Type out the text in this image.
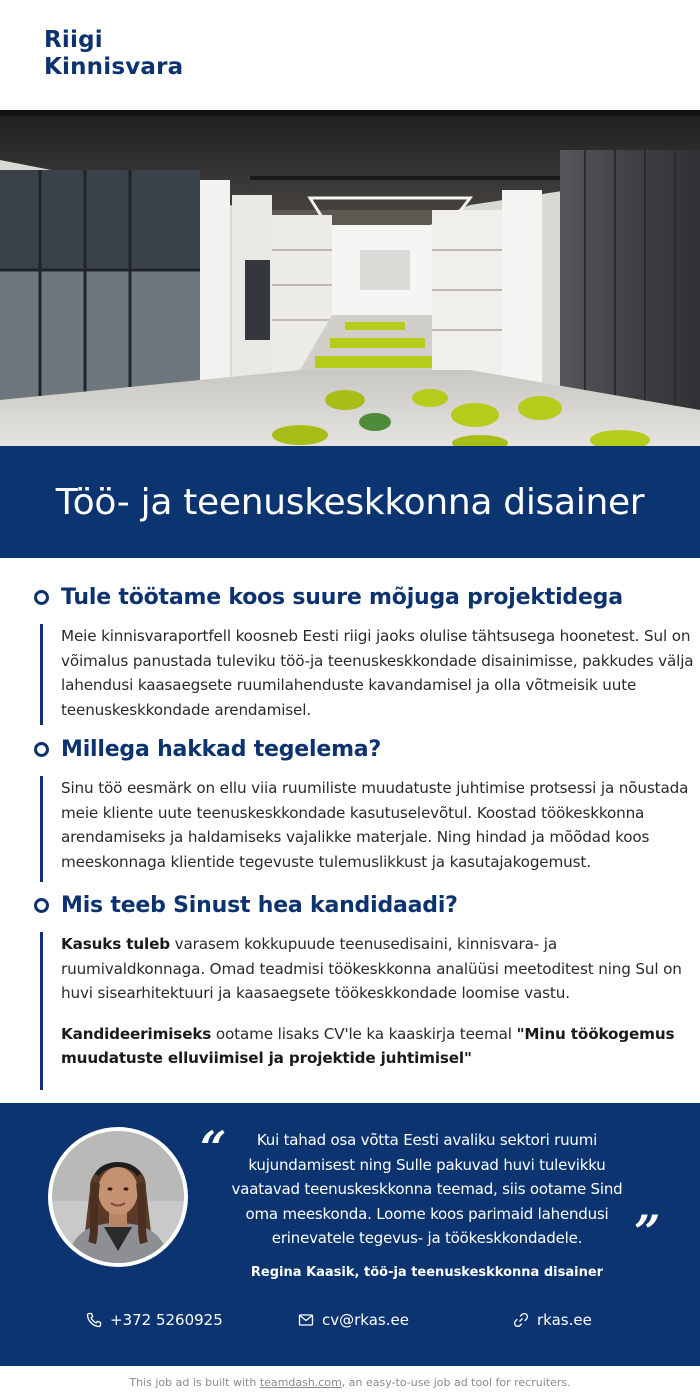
Riigi
Kinnisvara
Töö- ja teenuskeskkonna disainer
Tule töötame koos suure mõjuga projektidega

Meie kinnisvaraportfell koosneb Eesti riigi jaoks olulise tähtsusega hoonetest. Sul on võimalus panustada tuleviku töö-ja teenuskeskkondade disainimisse, pakkudes välja lahendusi kaasaegsete ruumilahenduste kavandamisel ja olla võtmeisik uute teenuskeskkondade arendamisel.

Millega hakkad tegelema?

Sinu töö eesmärk on ellu viia ruumiliste muudatuste juhtimise protsessi ja nõustada meie kliente uute teenuskeskkondade kasutuselevõtul. Koostad töökeskkonna arendamiseks ja haldamiseks vajalikke materjale. Ning hindad ja mõõdad koos meeskonnaga klientide tegevuste tulemuslikkust ja kasutajakogemust.

Mis teeb Sinust hea kandidaadi?

Kasuks tuleb varasem kokkupuude teenusedisaini, kinnisvara- ja ruumivaldkonnaga. Omad teadmisi töökeskkonna analüüsi meetoditest ning Sul on huvi sisearhitektuuri ja kaasaegsete töökeskkondade loomise vastu.

Kandideerimiseks ootame lisaks CV'le ka kaaskirja teemal "Minu töökogemus muudatuste elluviimisel ja projektide juhtimisel"

“	Kui tahad osa võtta Eesti avaliku sektori ruumi kujundamisest ning Sulle pakuvad huvi tulevikku vaatavad teenuskeskkonna teemad, siis ootame Sind oma meeskonda. Loome koos parimaid lahendusi erinevatele tegevus- ja töökeskkondadele.	”
Regina Kaasik, töö-ja teenuskeskkonna disainer
+372 5260925	cv@rkas.ee	rkas.ee
This job ad is built with teamdash.com, an easy-to-use job ad tool for recruiters.
